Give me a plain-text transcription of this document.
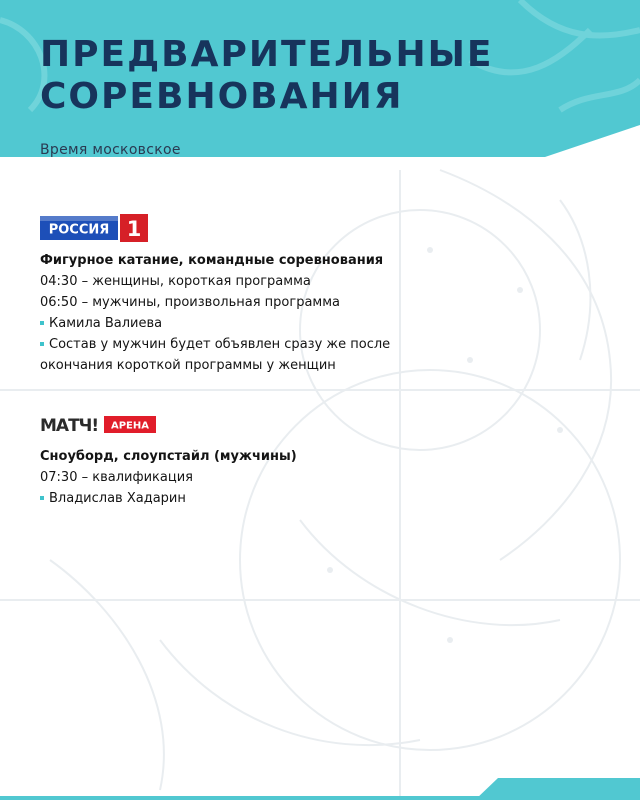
ПРЕДВАРИТЕЛЬНЫЕ
СОРЕВНОВАНИЯ
Время московское
РОССИЯ 1
Фигурное катание, командные соревнования
04:30 – женщины, короткая программа
06:50 – мужчины, произвольная программа
Камила Валиева
Состав у мужчин будет объявлен сразу же после
окончания короткой программы у женщин
МАТЧ! АРЕНА
Сноуборд, слоупстайл (мужчины)
07:30 – квалификация
Владислав Хадарин
